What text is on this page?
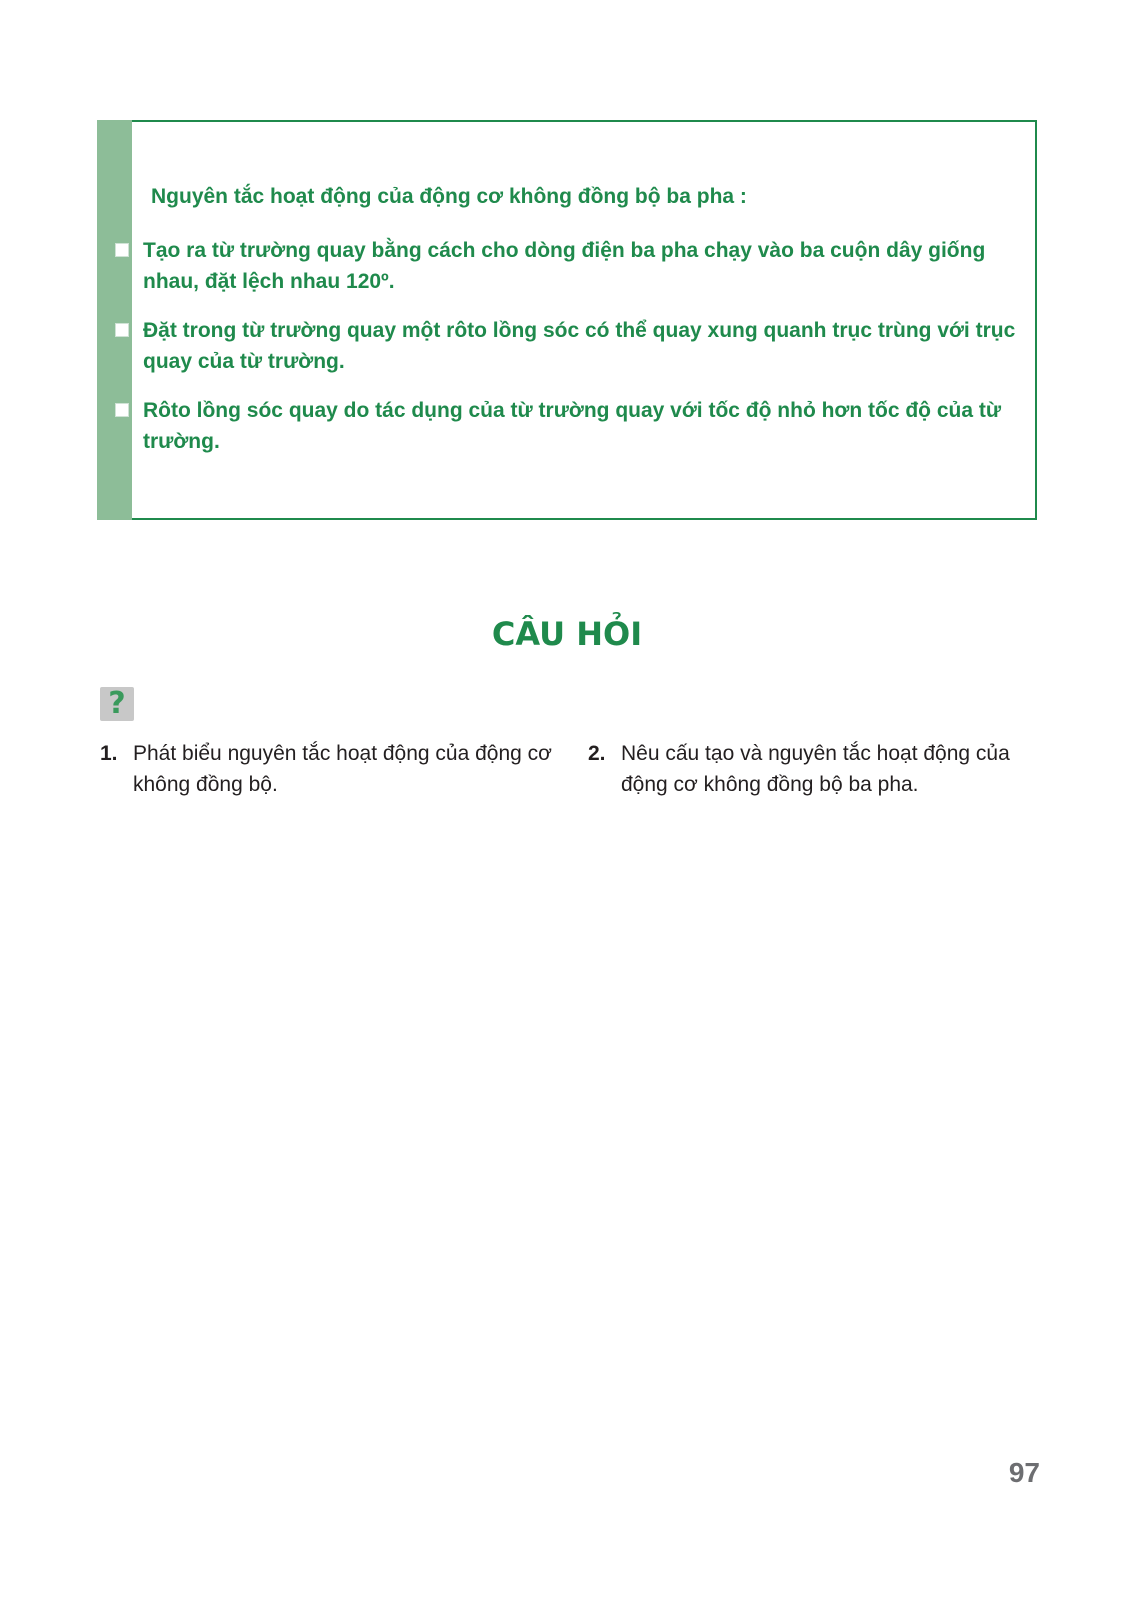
Nguyên tắc hoạt động của động cơ không đồng bộ ba pha :

Tạo ra từ trường quay bằng cách cho dòng điện ba pha chạy vào ba cuộn dây giống nhau, đặt lệch nhau 120º.
Đặt trong từ trường quay một rôto lồng sóc có thể quay xung quanh trục trùng với trục quay của từ trường.
Rôto lồng sóc quay do tác dụng của từ trường quay với tốc độ nhỏ hơn tốc độ của từ trường.
CÂU HỎI
?
1. Phát biểu nguyên tắc hoạt động của động cơ không đồng bộ.
2. Nêu cấu tạo và nguyên tắc hoạt động của động cơ không đồng bộ ba pha.
97
